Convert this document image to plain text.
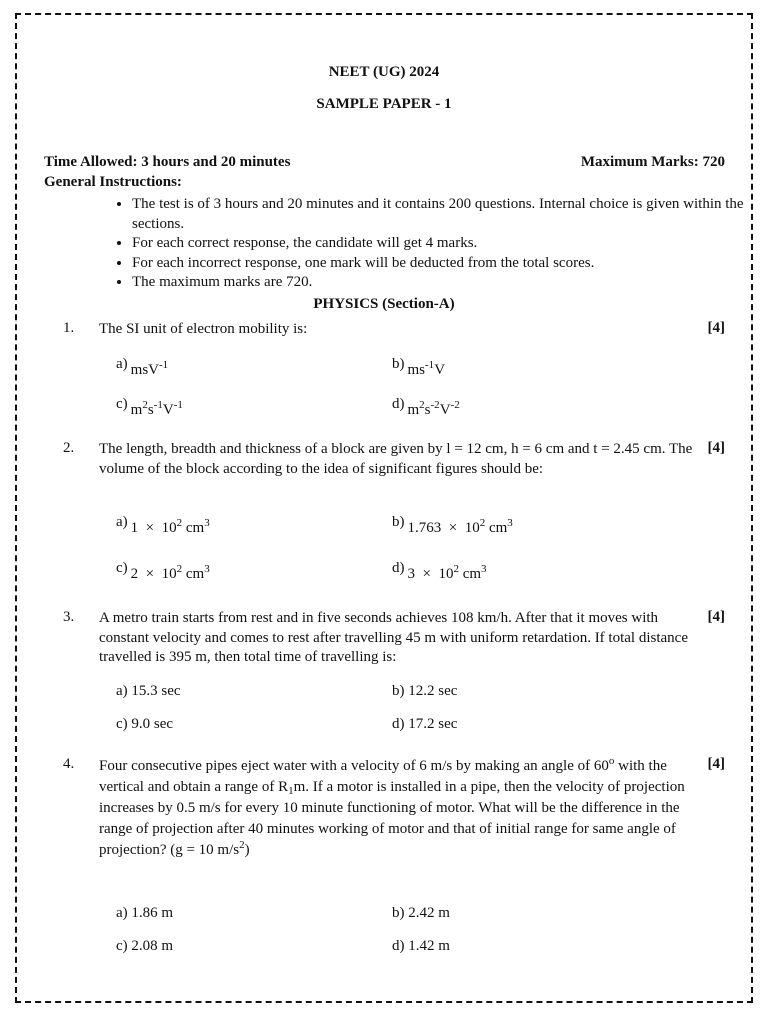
NEET (UG) 2024
SAMPLE PAPER - 1
Time Allowed: 3 hours and 20 minutes	Maximum Marks: 720
General Instructions:
• The test is of 3 hours and 20 minutes and it contains 200 questions. Internal choice is given within the sections.
• For each correct response, the candidate will get 4 marks.
• For each incorrect response, one mark will be deducted from the total scores.
• The maximum marks are 720.
PHYSICS (Section-A)
1. The SI unit of electron mobility is:	[4]
a) msV$^{-1}$	b) $ms^{-1}V$
c) $m^2s^{-1}V^{-1}$	d) $m^2s^{-2}V^{-2}$
2. The length, breadth and thickness of a block are given by l = 12 cm, h = 6 cm and t = 2.45 cm. The volume of the block according to the idea of significant figures should be:
[4]
a) $1 \times 10^2$ $cm^3$	b) $1.763 \times 10^2$ $cm^3$
c) $2 \times 10^2$ $cm^3$	d) $3 \times 10^2$ $cm^3$
3. A metro train starts from rest and in five seconds achieves 108 km/h. After that it moves with constant velocity and comes to rest after travelling 45 m with uniform retardation. If total distance travelled is 395 m, then total time of travelling is:
[4]
a) 15.3 sec	b) 12.2 sec
c) 9.0 sec	d) 17.2 sec
4. Four consecutive pipes eject water with a velocity of 6 m/s by making an angle of 60$^o$ with the vertical and obtain a range of $R_1m$. If a motor is installed in a pipe, then the velocity of projection increases by 0.5 m/s for every 10 minute functioning of motor. What will be the difference in the range of projection after 40 minutes working of motor and that of initial range for same angle of projection? (g = 10 $m/s^2$)
[4]
a) 1.86 m	b) 2.42 m
c) 2.08 m	d) 1.42 m
